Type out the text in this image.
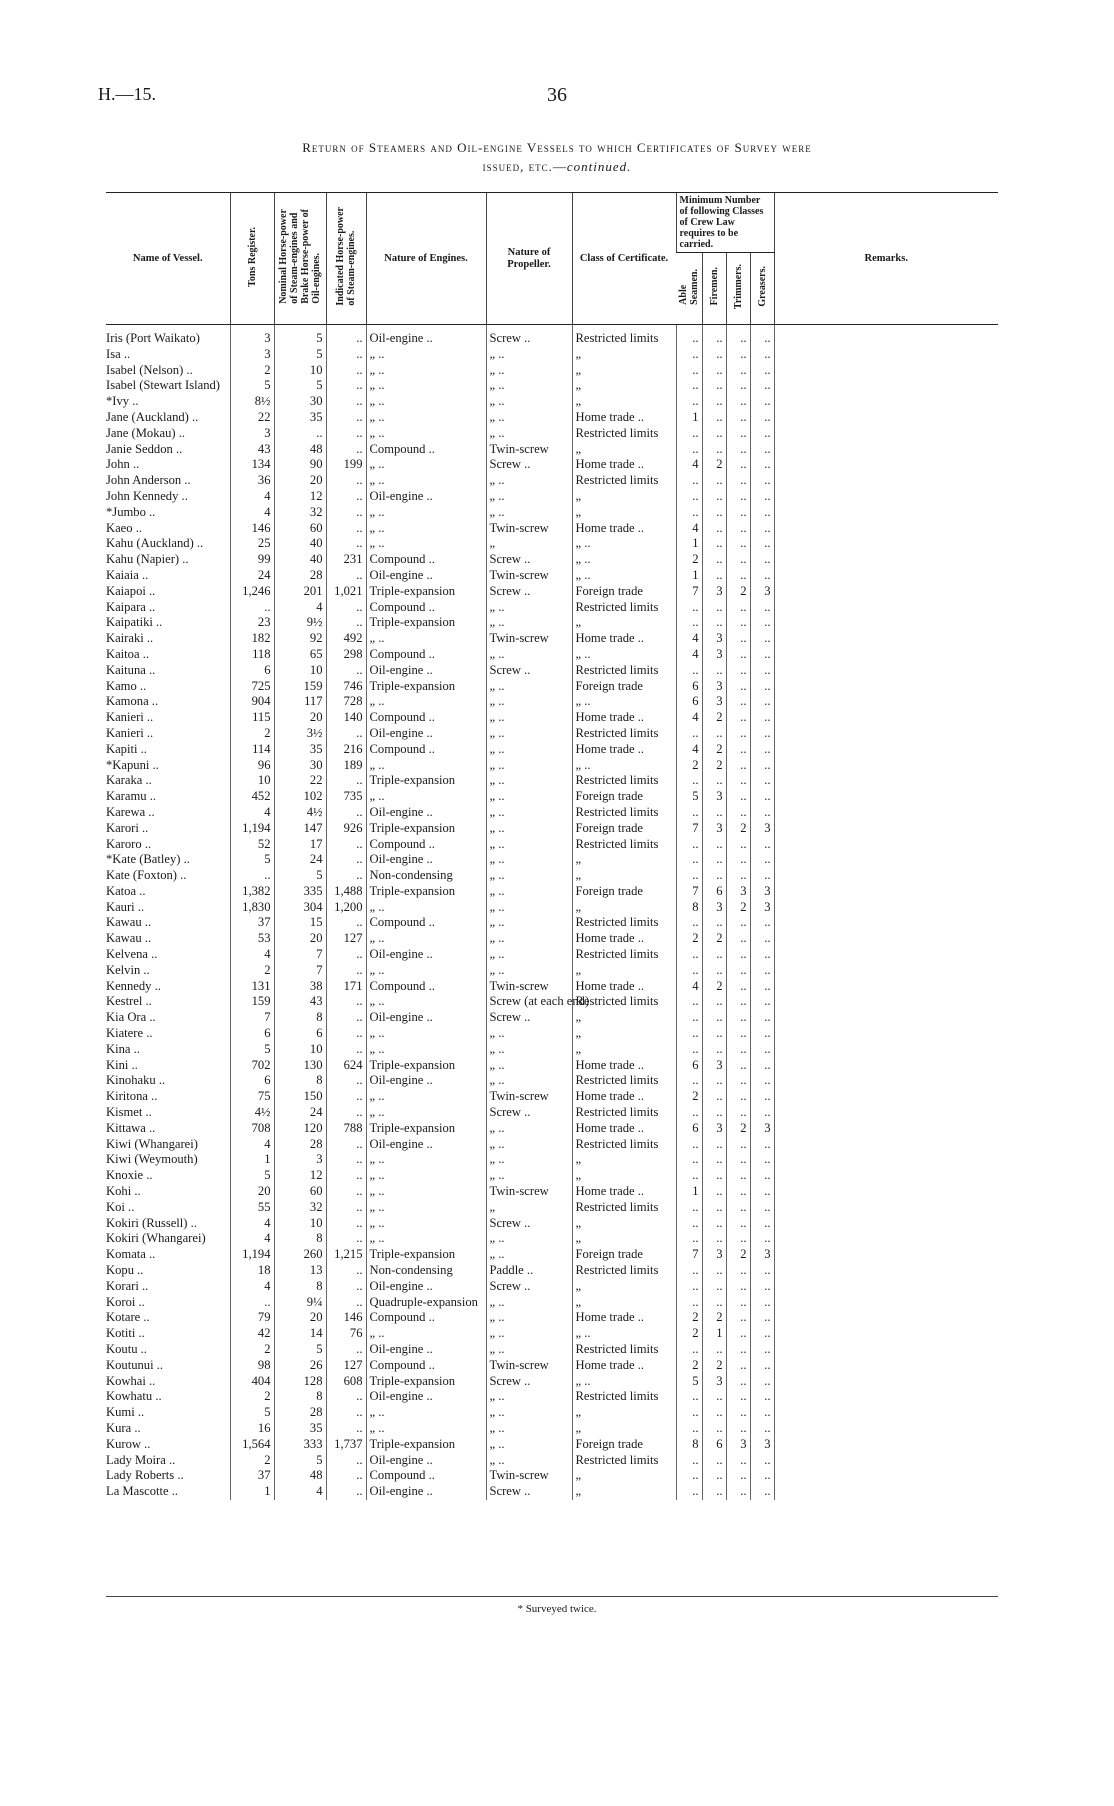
H.—15.	36
Return of Steamers and Oil-engine Vessels to which Certificates of Survey were
issued, etc.—continued.
Name of Vessel.	Tons Register.	Nominal Horse-power
of Steam-engines and
Brake Horse-power of
Oil-engines.	Indicated Horse-power
of Steam-engines.	Nature of Engines.	Nature of Propeller.	Class of Certificate.	Minimum Number of following Classes of Crew Law requires to be carried.				Remarks.
							Able
Seamen.	Firemen.	Trimmers.	Greasers.	
Iris (Port Waikato)	3	5	..	Oil-engine ..	Screw ..	Restricted limits	..	..	..	..	
Isa ..	3	5	..	„ ..	„ ..	„	..	..	..	..	
Isabel (Nelson) ..	2	10	..	„ ..	„ ..	„	..	..	..	..	
Isabel (Stewart Island)	5	5	..	„ ..	„ ..	„	..	..	..	..	
*Ivy ..	8½	30	..	„ ..	„ ..	„	..	..	..	..	
Jane (Auckland) ..	22	35	..	„ ..	„ ..	Home trade ..	1	..	..	..	
Jane (Mokau) ..	3	..	..	„ ..	„ ..	Restricted limits	..	..	..	..	
Janie Seddon ..	43	48	..	Compound ..	Twin-screw	„	..	..	..	..	
John ..	134	90	199	„ ..	Screw ..	Home trade ..	4	2	..	..	
John Anderson ..	36	20	..	„ ..	„ ..	Restricted limits	..	..	..	..	
John Kennedy ..	4	12	..	Oil-engine ..	„ ..	„	..	..	..	..	
*Jumbo ..	4	32	..	„ ..	„ ..	„	..	..	..	..	
Kaeo ..	146	60	..	„ ..	Twin-screw	Home trade ..	4	..	..	..	
Kahu (Auckland) ..	25	40	..	„ ..	„	„ ..	1	..	..	..	
Kahu (Napier) ..	99	40	231	Compound ..	Screw ..	„ ..	2	..	..	..	
Kaiaia ..	24	28	..	Oil-engine ..	Twin-screw	„ ..	1	..	..	..	
Kaiapoi ..	1,246	201	1,021	Triple-expansion	Screw ..	Foreign trade	7	3	2	3	
Kaipara ..	..	4	..	Compound ..	„ ..	Restricted limits	..	..	..	..	
Kaipatiki ..	23	9½	..	Triple-expansion	„ ..	„	..	..	..	..	
Kairaki ..	182	92	492	„ ..	Twin-screw	Home trade ..	4	3	..	..	
Kaitoa ..	118	65	298	Compound ..	„ ..	„ ..	4	3	..	..	
Kaituna ..	6	10	..	Oil-engine ..	Screw ..	Restricted limits	..	..	..	..	
Kamo ..	725	159	746	Triple-expansion	„ ..	Foreign trade	6	3	..	..	
Kamona ..	904	117	728	„ ..	„ ..	„ ..	6	3	..	..	
Kanieri ..	115	20	140	Compound ..	„ ..	Home trade ..	4	2	..	..	
Kanieri ..	2	3½	..	Oil-engine ..	„ ..	Restricted limits	..	..	..	..	
Kapiti ..	114	35	216	Compound ..	„ ..	Home trade ..	4	2	..	..	
*Kapuni ..	96	30	189	„ ..	„ ..	„ ..	2	2	..	..	
Karaka ..	10	22	..	Triple-expansion	„ ..	Restricted limits	..	..	..	..	
Karamu ..	452	102	735	„ ..	„ ..	Foreign trade	5	3	..	..	
Karewa ..	4	4½	..	Oil-engine ..	„ ..	Restricted limits	..	..	..	..	
Karori ..	1,194	147	926	Triple-expansion	„ ..	Foreign trade	7	3	2	3	
Karoro ..	52	17	..	Compound ..	„ ..	Restricted limits	..	..	..	..	
*Kate (Batley) ..	5	24	..	Oil-engine ..	„ ..	„	..	..	..	..	
Kate (Foxton) ..	..	5	..	Non-condensing	„ ..	„	..	..	..	..	
Katoa ..	1,382	335	1,488	Triple-expansion	„ ..	Foreign trade	7	6	3	3	
Kauri ..	1,830	304	1,200	„ ..	„ ..	„	8	3	2	3	
Kawau ..	37	15	..	Compound ..	„ ..	Restricted limits	..	..	..	..	
Kawau ..	53	20	127	„ ..	„ ..	Home trade ..	2	2	..	..	
Kelvena ..	4	7	..	Oil-engine ..	„ ..	Restricted limits	..	..	..	..	
Kelvin ..	2	7	..	„ ..	„ ..	„	..	..	..	..	
Kennedy ..	131	38	171	Compound ..	Twin-screw	Home trade ..	4	2	..	..	
Kestrel ..	159	43	..	„ ..	Screw (at each end)	Restricted limits	..	..	..	..	
Kia Ora ..	7	8	..	Oil-engine ..	Screw ..	„	..	..	..	..	
Kiatere ..	6	6	..	„ ..	„ ..	„	..	..	..	..	
Kina ..	5	10	..	„ ..	„ ..	„	..	..	..	..	
Kini ..	702	130	624	Triple-expansion	„ ..	Home trade ..	6	3	..	..	
Kinohaku ..	6	8	..	Oil-engine ..	„ ..	Restricted limits	..	..	..	..	
Kiritona ..	75	150	..	„ ..	Twin-screw	Home trade ..	2	..	..	..	
Kismet ..	4½	24	..	„ ..	Screw ..	Restricted limits	..	..	..	..	
Kittawa ..	708	120	788	Triple-expansion	„ ..	Home trade ..	6	3	2	3	
Kiwi (Whangarei)	4	28	..	Oil-engine ..	„ ..	Restricted limits	..	..	..	..	
Kiwi (Weymouth)	1	3	..	„ ..	„ ..	„	..	..	..	..	
Knoxie ..	5	12	..	„ ..	„ ..	„	..	..	..	..	
Kohi ..	20	60	..	„ ..	Twin-screw	Home trade ..	1	..	..	..	
Koi ..	55	32	..	„ ..	„	Restricted limits	..	..	..	..	
Kokiri (Russell) ..	4	10	..	„ ..	Screw ..	„	..	..	..	..	
Kokiri (Whangarei)	4	8	..	„ ..	„ ..	„	..	..	..	..	
Komata ..	1,194	260	1,215	Triple-expansion	„ ..	Foreign trade	7	3	2	3	
Kopu ..	18	13	..	Non-condensing	Paddle ..	Restricted limits	..	..	..	..	
Korari ..	4	8	..	Oil-engine ..	Screw ..	„	..	..	..	..	
Koroi ..	..	9¼	..	Quadruple-expansion	„ ..	„	..	..	..	..	
Kotare ..	79	20	146	Compound ..	„ ..	Home trade ..	2	2	..	..	
Kotiti ..	42	14	76	„ ..	„ ..	„ ..	2	1	..	..	
Koutu ..	2	5	..	Oil-engine ..	„ ..	Restricted limits	..	..	..	..	
Koutunui ..	98	26	127	Compound ..	Twin-screw	Home trade ..	2	2	..	..	
Kowhai ..	404	128	608	Triple-expansion	Screw ..	„ ..	5	3	..	..	
Kowhatu ..	2	8	..	Oil-engine ..	„ ..	Restricted limits	..	..	..	..	
Kumi ..	5	28	..	„ ..	„ ..	„	..	..	..	..	
Kura ..	16	35	..	„ ..	„ ..	„	..	..	..	..	
Kurow ..	1,564	333	1,737	Triple-expansion	„ ..	Foreign trade	8	6	3	3	
Lady Moira ..	2	5	..	Oil-engine ..	„ ..	Restricted limits	..	..	..	..	
Lady Roberts ..	37	48	..	Compound ..	Twin-screw	„	..	..	..	..	
La Mascotte ..	1	4	..	Oil-engine ..	Screw ..	„	..	..	..	..	
* Surveyed twice.
